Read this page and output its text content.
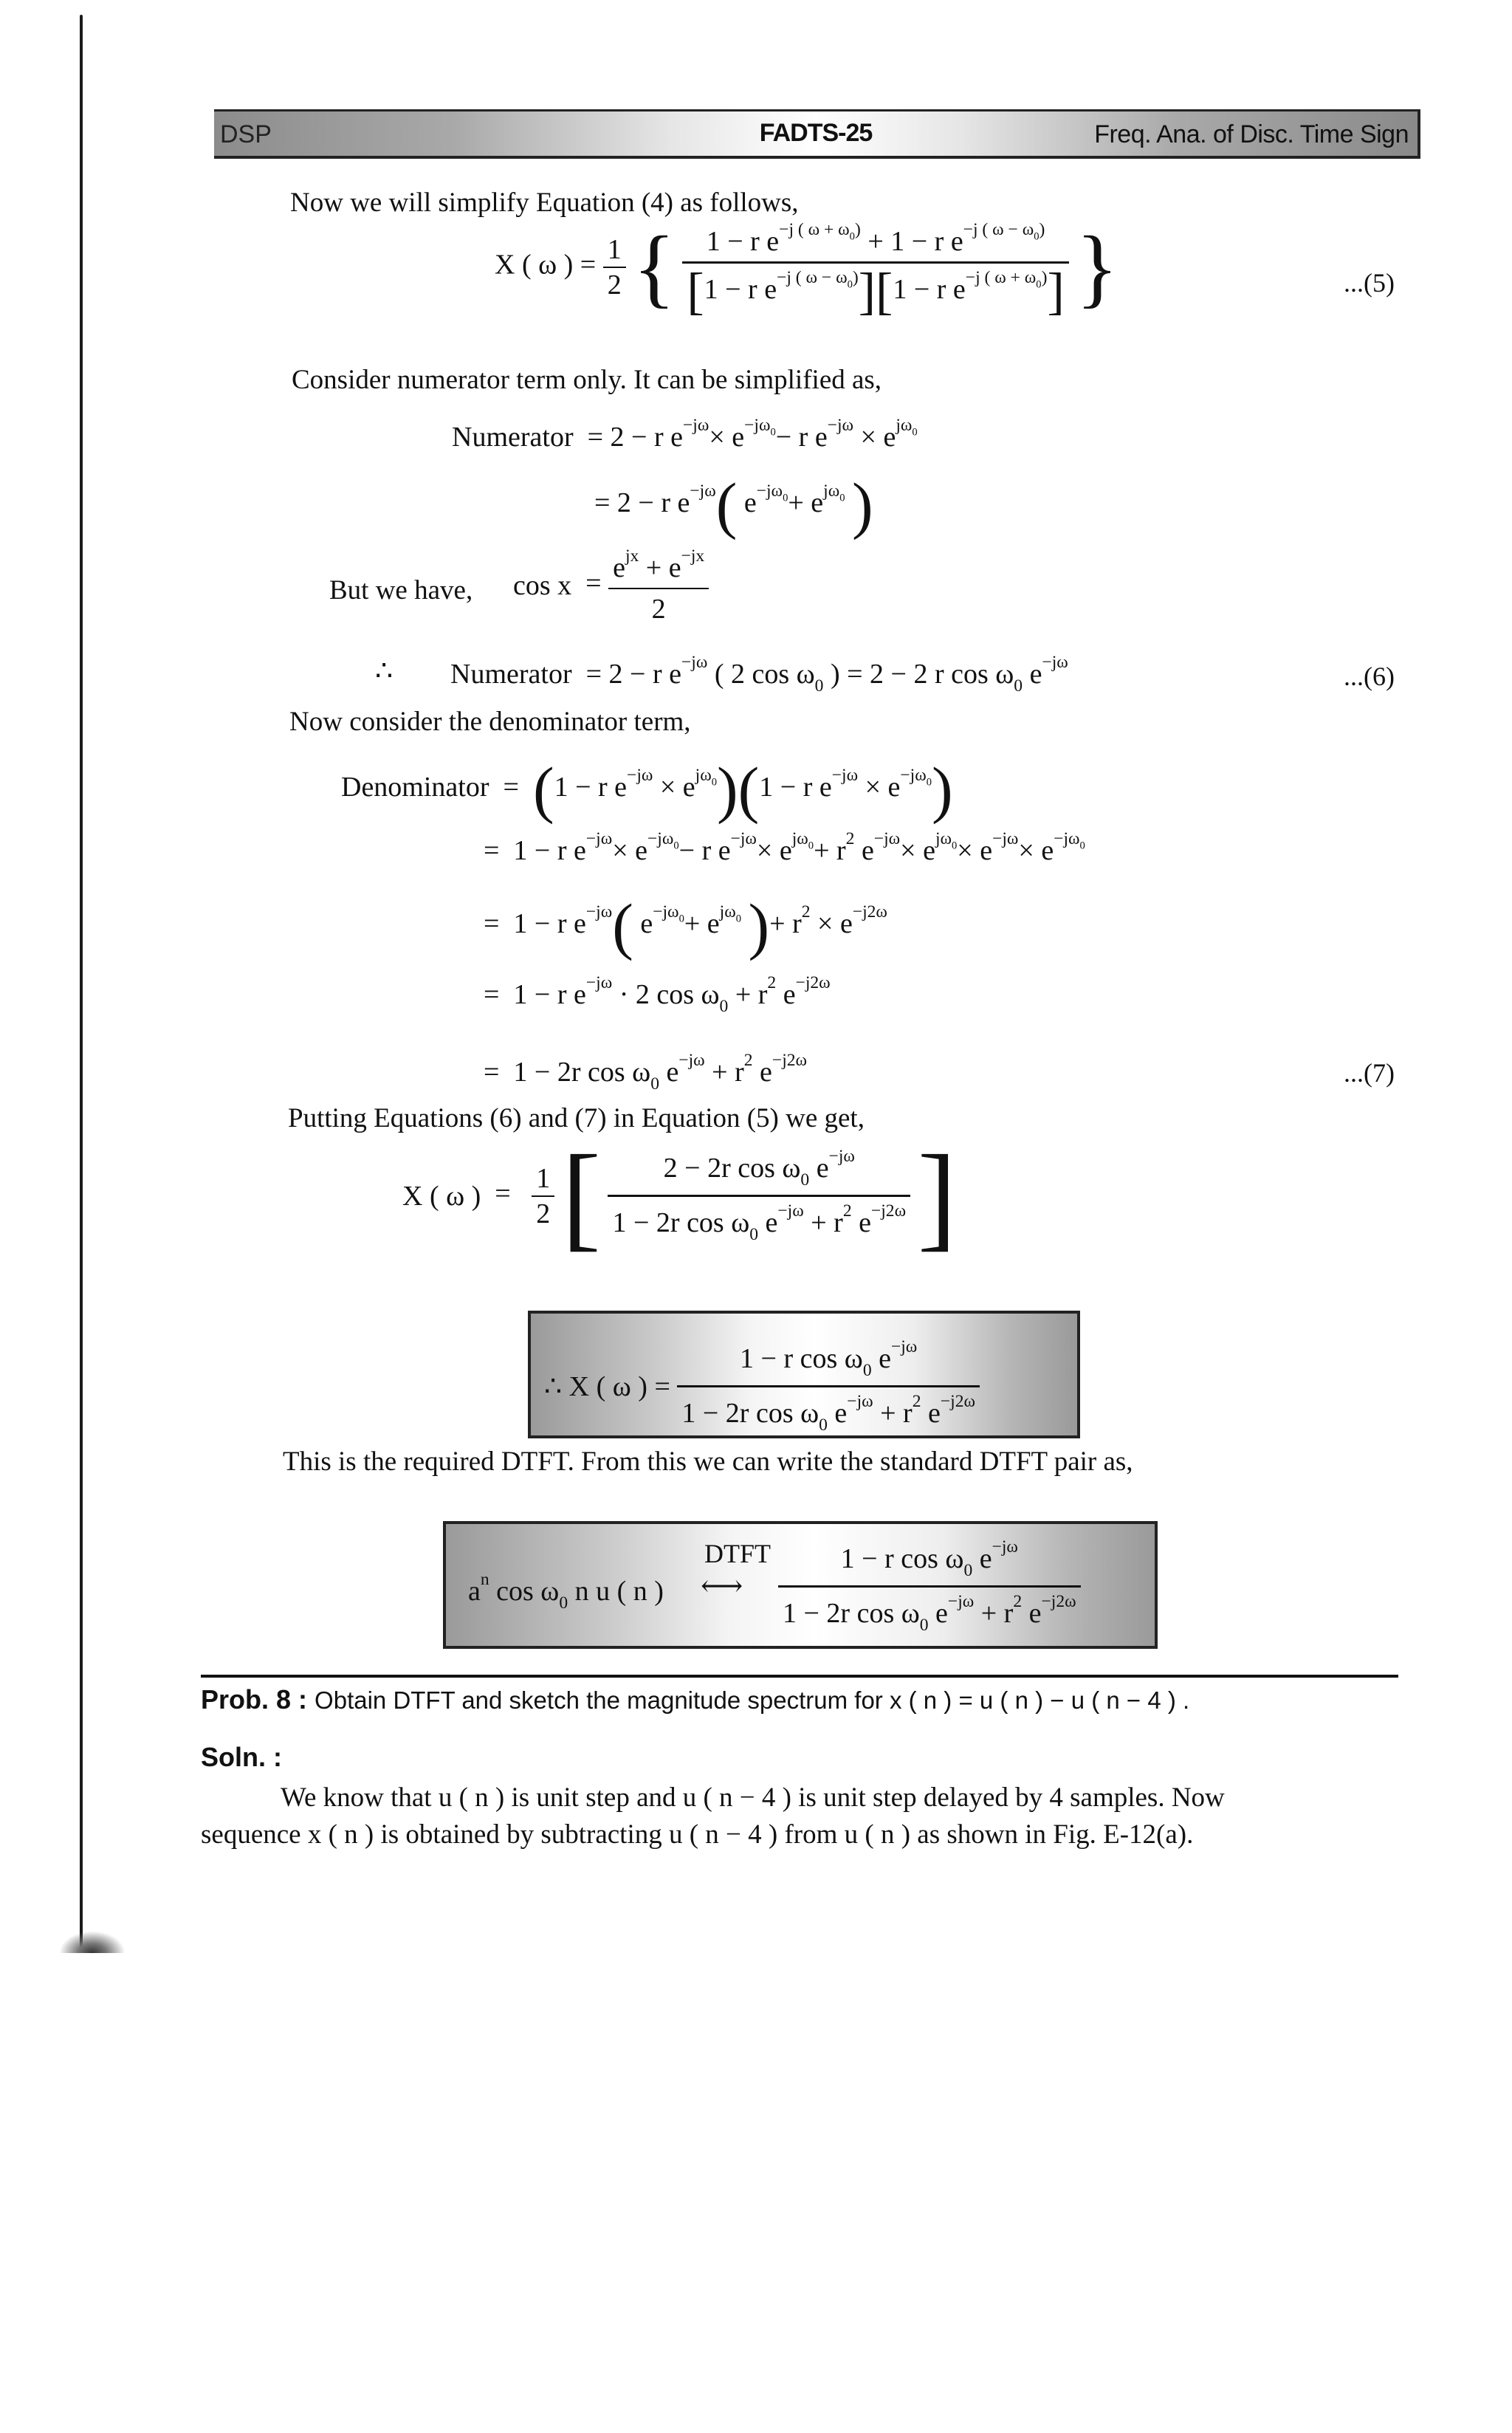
DSP	FADTS-25	Freq. Ana. of Disc. Time Sign
Now we will simplify Equation (4) as follows,
X ( ω ) = $\frac{1}{2}$ { $\frac{1 - r e^{-j ( \omega + \omega_0)} + 1 - r e^{-j ( \omega - \omega_0)}}{[1 - r e^{-j ( \omega - \omega_0)}][1 - r e^{-j ( \omega + \omega_0)}]}$ }	...(5)
Consider numerator term only. It can be simplified as,
Numerator  = 2 − r $e^{-j\omega}\times e^{-j\omega_0}- r$ $e^{-j\omega} \times e^{j\omega_0}$
= 2 − r $e^{-j\omega}$( $e^{-j\omega_0}+ e^{j\omega_0}$ )
But we have, $\cos x = \frac{e^{jx} + e^{-jx}}{2}$
∴ Numerator  = 2 − r $e^{-j\omega}$ ( 2 $\cos \omega_0$ ) = 2 − 2 r $\cos \omega_0$ $e^{-j\omega}$	...(6)
Now consider the denominator term,
Denominator  =  (1 − r $e^{-j\omega} \times e^{j\omega_0})(1 - r$ $e^{-j\omega} \times e^{-j\omega_0}$)
=  1 − r $e^{-j\omega}\times e^{-j\omega_0}- r$ $e^{-j\omega}\times e^{j\omega_0}+ r^2$ $e^{-j\omega}\times e^{j\omega_0}\times e^{-j\omega}\times e^{-j\omega_0}$
=  1 − r $e^{-j\omega}$( $e^{-j\omega_0}+ e^{j\omega_0}$ )+ $r^2 \times e^{-j2\omega}$
=  1 − r $e^{-j\omega} \cdot 2$ $\cos \omega_0 + r^2$ $e^{-j2\omega}$
=  1 − 2r $\cos \omega_0$ $e^{-j\omega} + r^2$ $e^{-j2\omega}$	...(7)
Putting Equations (6) and (7) in Equation (5) we get,
X ( ω )  = $\frac{1}{2}$ [ $\frac{2 - 2r \cos \omega_0 e^{-j\omega}}{1 - 2r \cos \omega_0 e^{-j\omega} + r^2 e^{-j2\omega}}$ ]
∴ X ( ω ) = $\frac{1 - r \cos \omega_0 e^{-j\omega}}{1 - 2r \cos \omega_0 e^{-j\omega} + r^2 e^{-j2\omega}}$
This is the required DTFT. From this we can write the standard DTFT pair as,
$a^n$ $\cos \omega_0$ n u ( n )
DTFT
⟷ $\frac{1 - r \cos \omega_0 e^{-j\omega}}{1 - 2r \cos \omega_0 e^{-j\omega} + r^2 e^{-j2\omega}}$
Prob. 8 : Obtain DTFT and sketch the magnitude spectrum for x ( n ) = u ( n ) − u ( n − 4 ) .
Soln. :
We know that u ( n ) is unit step and u ( n − 4 ) is unit step delayed by 4 samples. Now
sequence x ( n ) is obtained by subtracting u ( n − 4 ) from u ( n ) as shown in Fig. E-12(a).
